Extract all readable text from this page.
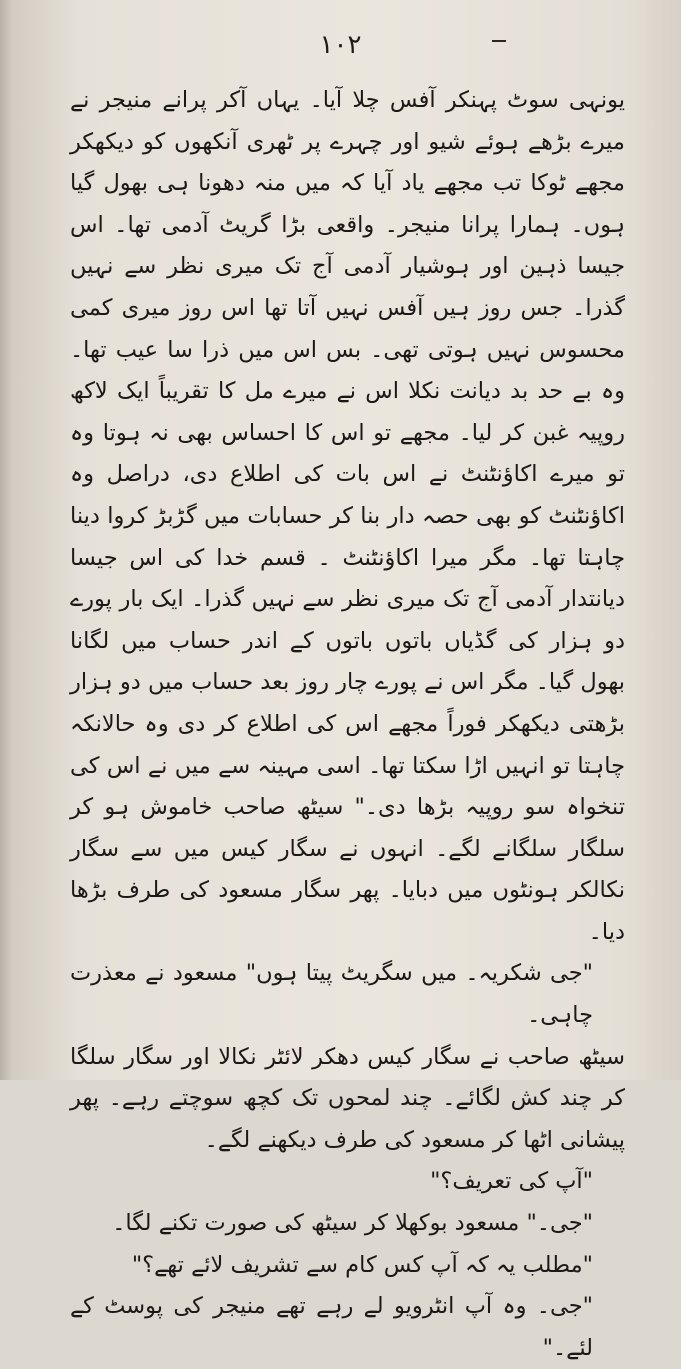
۱۰۲

یونہی سوٹ پہنکر آفس چلا آیا۔ یہاں آکر پرانے منیجر نے میرے بڑھے ہوئے شیو اور چہرے پر ٹھری آنکھوں کو دیکھکر مجھے ٹوکا تب مجھے یاد آیا کہ میں منہ دھونا ہی بھول گیا ہوں۔ ہمارا پرانا منیجر۔ واقعی بڑا گریٹ آدمی تھا۔ اس جیسا ذہین اور ہوشیار آدمی آج تک میری نظر سے نہیں گذرا۔ جس روز ہیں آفس نہیں آتا تھا اس روز میری کمی محسوس نہیں ہوتی تھی۔ بس اس میں ذرا سا عیب تھا۔ وہ بے حد بد دیانت نکلا اس نے میرے مل کا تقریباً ایک لاکھ روپیہ غبن کر لیا۔ مجھے تو اس کا احساس بھی نہ ہوتا وہ تو میرے اکاؤنٹنٹ نے اس بات کی اطلاع دی، دراصل وہ اکاؤنٹنٹ کو بھی حصہ دار بنا کر حسابات میں گڑبڑ کروا دینا چاہتا تھا۔ مگر میرا اکاؤنٹنٹ ۔ قسم خدا کی اس جیسا دیانتدار آدمی آج تک میری نظر سے نہیں گذرا۔ ایک بار پورے دو ہزار کی گڈیاں باتوں باتوں کے اندر حساب میں لگانا بھول گیا۔ مگر اس نے پورے چار روز بعد حساب میں دو ہزار بڑھتی دیکھکر فوراً مجھے اس کی اطلاع کر دی وہ حالانکہ چاہتا تو انہیں اڑا سکتا تھا۔ اسی مہینہ سے میں نے اس کی تنخواہ سو روپیہ بڑھا دی۔" سیٹھ صاحب خاموش ہو کر سلگار سلگانے لگے۔ انہوں نے سگار کیس میں سے سگار نکالکر ہونٹوں میں دبایا۔ پھر سگار مسعود کی طرف بڑھا دیا۔

"جی شکریہ۔ میں سگریٹ پیتا ہوں" مسعود نے معذرت چاہی۔

سیٹھ صاحب نے سگار کیس دھکر لائٹر نکالا اور سگار سلگا کر چند کش لگائے۔ چند لمحوں تک کچھ سوچتے رہے۔ پھر پیشانی اٹھا کر مسعود کی طرف دیکھنے لگے۔

"آپ کی تعریف؟"

"جی۔" مسعود بوکھلا کر سیٹھ کی صورت تکنے لگا۔

"مطلب یہ کہ آپ کس کام سے تشریف لائے تھے؟"

"جی۔ وہ آپ انٹرویو لے رہے تھے منیجر کی پوسٹ کے لئے۔"
